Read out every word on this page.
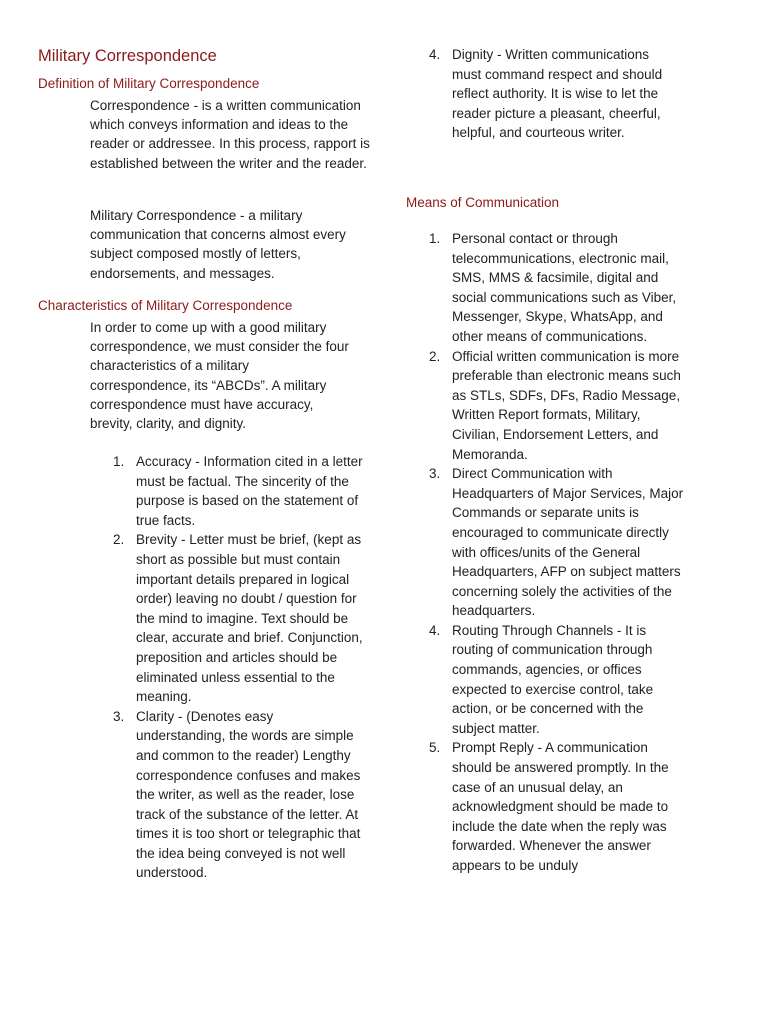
Military Correspondence
Definition of Military Correspondence
Correspondence - is a written communication which conveys information and ideas to the reader or addressee. In this process, rapport is established between the writer and the reader.
Military Correspondence - a military communication that concerns almost every subject composed mostly of letters, endorsements, and messages.
Characteristics of Military Correspondence
In order to come up with a good military correspondence, we must consider the four characteristics of a military correspondence, its “ABCDs”. A military correspondence must have accuracy, brevity, clarity, and dignity.
1. Accuracy - Information cited in a letter must be factual. The sincerity of the purpose is based on the statement of true facts.
2. Brevity - Letter must be brief, (kept as short as possible but must contain important details prepared in logical order) leaving no doubt / question for the mind to imagine. Text should be clear, accurate and brief. Conjunction, preposition and articles should be eliminated unless essential to the meaning.
3. Clarity - (Denotes easy understanding, the words are simple and common to the reader) Lengthy correspondence confuses and makes the writer, as well as the reader, lose track of the substance of the letter. At times it is too short or telegraphic that the idea being conveyed is not well understood.
4. Dignity - Written communications must command respect and should reflect authority. It is wise to let the reader picture a pleasant, cheerful, helpful, and courteous writer.
Means of Communication
1. Personal contact or through telecommunications, electronic mail, SMS, MMS & facsimile, digital and social communications such as Viber, Messenger, Skype, WhatsApp, and other means of communications.
2. Official written communication is more preferable than electronic means such as STLs, SDFs, DFs, Radio Message, Written Report formats, Military, Civilian, Endorsement Letters, and Memoranda.
3. Direct Communication with Headquarters of Major Services, Major Commands or separate units is encouraged to communicate directly with offices/units of the General Headquarters, AFP on subject matters concerning solely the activities of the headquarters.
4. Routing Through Channels - It is routing of communication through commands, agencies, or offices expected to exercise control, take action, or be concerned with the subject matter.
5. Prompt Reply - A communication should be answered promptly. In the case of an unusual delay, an acknowledgment should be made to include the date when the reply was forwarded. Whenever the answer appears to be unduly
